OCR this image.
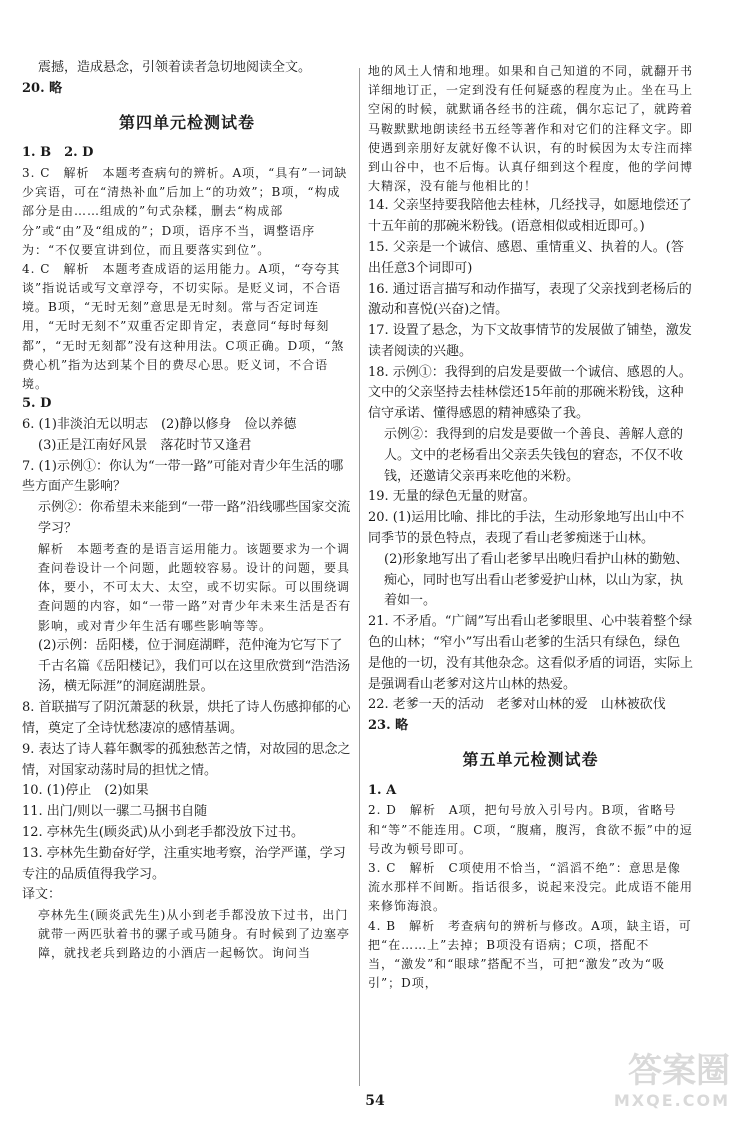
震撼，造成悬念，引领着读者急切地阅读全文。
20. 略
第四单元检测试卷
1. B　2. D
3. C　解析　本题考查病句的辨析。A项，“具有”一词缺少宾语，可在“清热补血”后加上“的功效”；B项，“构成部分是由……组成的”句式杂糅，删去“构成部分”或“由”及“组成的”；D项，语序不当，调整语序为：“不仅要宣讲到位，而且要落实到位”。
4. C　解析　本题考查成语的运用能力。A项，“夸夸其谈”指说话或写文章浮夸，不切实际。是贬义词，不合语境。B项，“无时无刻”意思是无时刻。常与否定词连用，“无时无刻不”双重否定即肯定，表意同“每时每刻都”，“无时无刻都”没有这种用法。C项正确。D项，“煞费心机”指为达到某个目的费尽心思。贬义词，不合语境。
5. D
6. (1)非淡泊无以明志　(2)静以修身　俭以养德
(3)正是江南好风景　落花时节又逢君
7. (1)示例①：你认为“一带一路”可能对青少年生活的哪些方面产生影响？
示例②：你希望未来能到“一带一路”沿线哪些国家交流学习？
解析　本题考查的是语言运用能力。该题要求为一个调查问卷设计一个问题，此题较容易。设计的问题，要具体，要小，不可太大、太空，或不切实际。可以围绕调查问题的内容，如“一带一路”对青少年未来生活是否有影响，或对青少年生活有哪些影响等等。
(2)示例：岳阳楼，位于洞庭湖畔，范仲淹为它写下了千古名篇《岳阳楼记》，我们可以在这里欣赏到“浩浩汤汤，横无际涯”的洞庭湖胜景。
8. 首联描写了阴沉萧瑟的秋景，烘托了诗人伤感抑郁的心情，奠定了全诗忧愁凄凉的感情基调。
9. 表达了诗人暮年飘零的孤独愁苦之情，对故园的思念之情，对国家动荡时局的担忧之情。
10. (1)停止　(2)如果
11. 出门/则以一骡二马捆书自随
12. 亭林先生(顾炎武)从小到老手都没放下过书。
13. 亭林先生勤奋好学，注重实地考察，治学严谨，学习专注的品质值得我学习。
译文：
亭林先生(顾炎武先生)从小到老手都没放下过书，出门就带一两匹驮着书的骡子或马随身。有时候到了边塞亭障，就找老兵到路边的小酒店一起畅饮。询问当
地的风土人情和地理。如果和自己知道的不同，就翻开书详细地订正，一定到没有任何疑惑的程度为止。坐在马上空闲的时候，就默诵各经书的注疏，偶尔忘记了，就跨着马鞍默默地朗读经书五经等著作和对它们的注释文字。即使遇到亲朋好友就好像不认识，有的时候因为太专注而摔到山谷中，也不后悔。认真仔细到这个程度，他的学问博大精深，没有能与他相比的！
14. 父亲坚持要我陪他去桂林，几经找寻，如愿地偿还了十五年前的那碗米粉钱。(语意相似或相近即可。)
15. 父亲是一个诚信、感恩、重情重义、执着的人。(答出任意3个词即可)
16. 通过语言描写和动作描写，表现了父亲找到老杨后的激动和喜悦(兴奋)之情。
17. 设置了悬念，为下文故事情节的发展做了铺垫，激发读者阅读的兴趣。
18. 示例①：我得到的启发是要做一个诚信、感恩的人。文中的父亲坚持去桂林偿还15年前的那碗米粉钱，这种信守承诺、懂得感恩的精神感染了我。
示例②：我得到的启发是要做一个善良、善解人意的人。文中的老杨看出父亲丢失钱包的窘态，不仅不收钱，还邀请父亲再来吃他的米粉。
19. 无量的绿色无量的财富。
20. (1)运用比喻、排比的手法，生动形象地写出山中不同季节的景色特点，表现了看山老爹痴迷于山林。
(2)形象地写出了看山老爹早出晚归看护山林的勤勉、痴心，同时也写出看山老爹爱护山林，以山为家，执着如一。
21. 不矛盾。“广阔”写出看山老爹眼里、心中装着整个绿色的山林；“窄小”写出看山老爹的生活只有绿色，绿色是他的一切，没有其他杂念。这看似矛盾的词语，实际上是强调看山老爹对这片山林的热爱。
22. 老爹一天的活动　老爹对山林的爱　山林被砍伐
23. 略
第五单元检测试卷
1. A
2. D　解析　A项，把句号放入引号内。B项，省略号和“等”不能连用。C项，“腹痛，腹泻，食欲不振”中的逗号改为顿号即可。
3. C　解析　C项使用不恰当，“滔滔不绝”：意思是像流水那样不间断。指话很多，说起来没完。此成语不能用来修饰海浪。
4. B　解析　考查病句的辨析与修改。A项，缺主语，可把“在……上”去掉；B项没有语病；C项，搭配不当，“激发”和“眼球”搭配不当，可把“激发”改为“吸引”；D项，
54
答案圈
MXQE.COM
